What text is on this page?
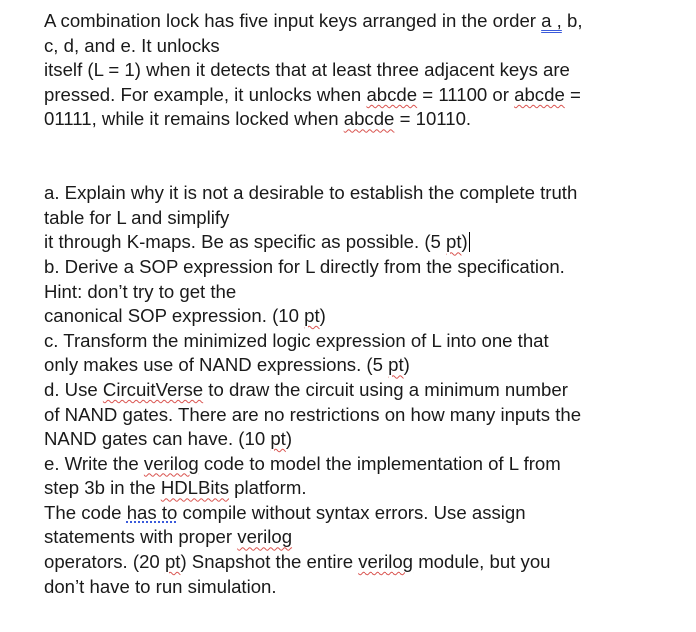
A combination lock has five input keys arranged in the order a , b,
c, d, and e. It unlocks
itself (L = 1) when it detects that at least three adjacent keys are
pressed. For example, it unlocks when abcde = 11100 or abcde =
01111, while it remains locked when abcde = 10110.
a. Explain why it is not a desirable to establish the complete truth
table for L and simplify
it through K-maps. Be as specific as possible. (5 pt)
b. Derive a SOP expression for L directly from the specification.
Hint: don’t try to get the
canonical SOP expression. (10 pt)
c. Transform the minimized logic expression of L into one that
only makes use of NAND expressions. (5 pt)
d. Use CircuitVerse to draw the circuit using a minimum number
of NAND gates. There are no restrictions on how many inputs the
NAND gates can have. (10 pt)
e. Write the verilog code to model the implementation of L from
step 3b in the HDLBits platform.
The code has to compile without syntax errors. Use assign
statements with proper verilog
operators. (20 pt) Snapshot the entire verilog module, but you
don’t have to run simulation.
